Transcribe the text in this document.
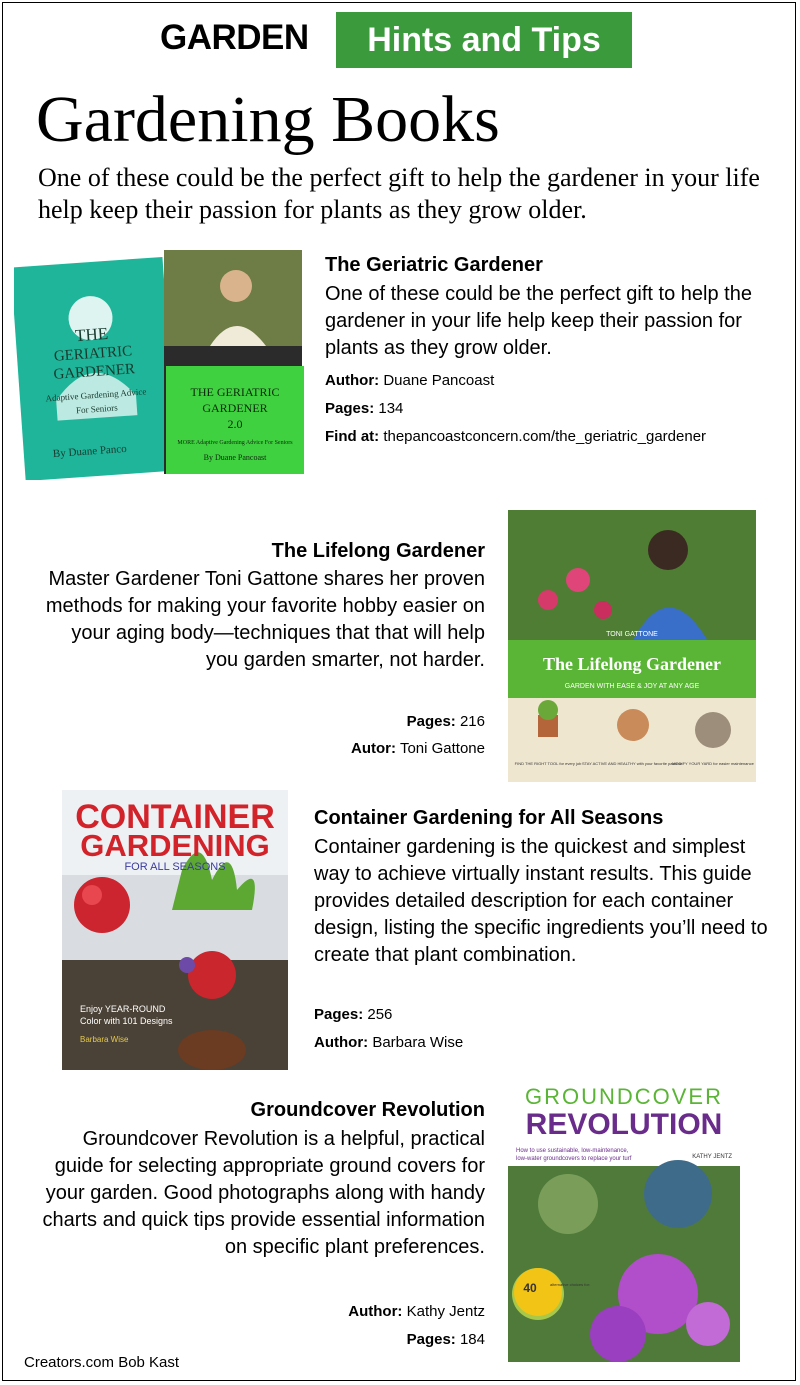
GARDEN	Hints and Tips
Gardening Books

One of these could be the perfect gift to help the gardener in your life help keep their passion for plants as they grow older.

THE
GERIATRIC
GARDENER
Adaptive Gardening Advice
For Seniors
By Duane Panco
THE GERIATRIC
GARDENER
2.0
MORE Adaptive Gardening Advice For Seniors
By Duane Pancoast
The Geriatric Gardener
One of these could be the perfect gift to help the gardener in your life help keep their passion for plants as they grow older.
Author: Duane Pancoast
Pages: 134
Find at: thepancoastconcern.com/the_geriatric_gardener
The Lifelong Gardener
Master Gardener Toni Gattone shares her proven methods for making your favorite hobby easier on your aging body—techniques that that will help you garden smarter, not harder.
Pages: 216
Autor: Toni Gattone
TONI GATTONE
The Lifelong Gardener
GARDEN WITH EASE & JOY AT ANY AGE
FIND THE RIGHT TOOL for every job STAY ACTIVE AND HEALTHY with your favorite pastime
MODIFY YOUR YARD for easier maintenance
CONTAINER
GARDENING
FOR ALL SEASONS
Enjoy YEAR-ROUND
Color with 101 Designs
Barbara Wise
Container Gardening for All Seasons
Container gardening is the quickest and simplest way to achieve virtually instant results. This guide provides detailed description for each container design, listing the specific ingredients you’ll need to create that plant combination.
Pages: 256
Author: Barbara Wise
Groundcover Revolution
Groundcover Revolution is a helpful, practical guide for selecting appropriate ground covers for your garden. Good photographs along with handy charts and quick tips provide essential information on specific plant preferences.
Author: Kathy Jentz
Pages: 184
GROUNDCOVER
REVOLUTION
How to use sustainable, low-maintenance,
low-water groundcovers to replace your turf	KATHY JENTZ
40	alternative choices for:
Creators.com Bob Kast
